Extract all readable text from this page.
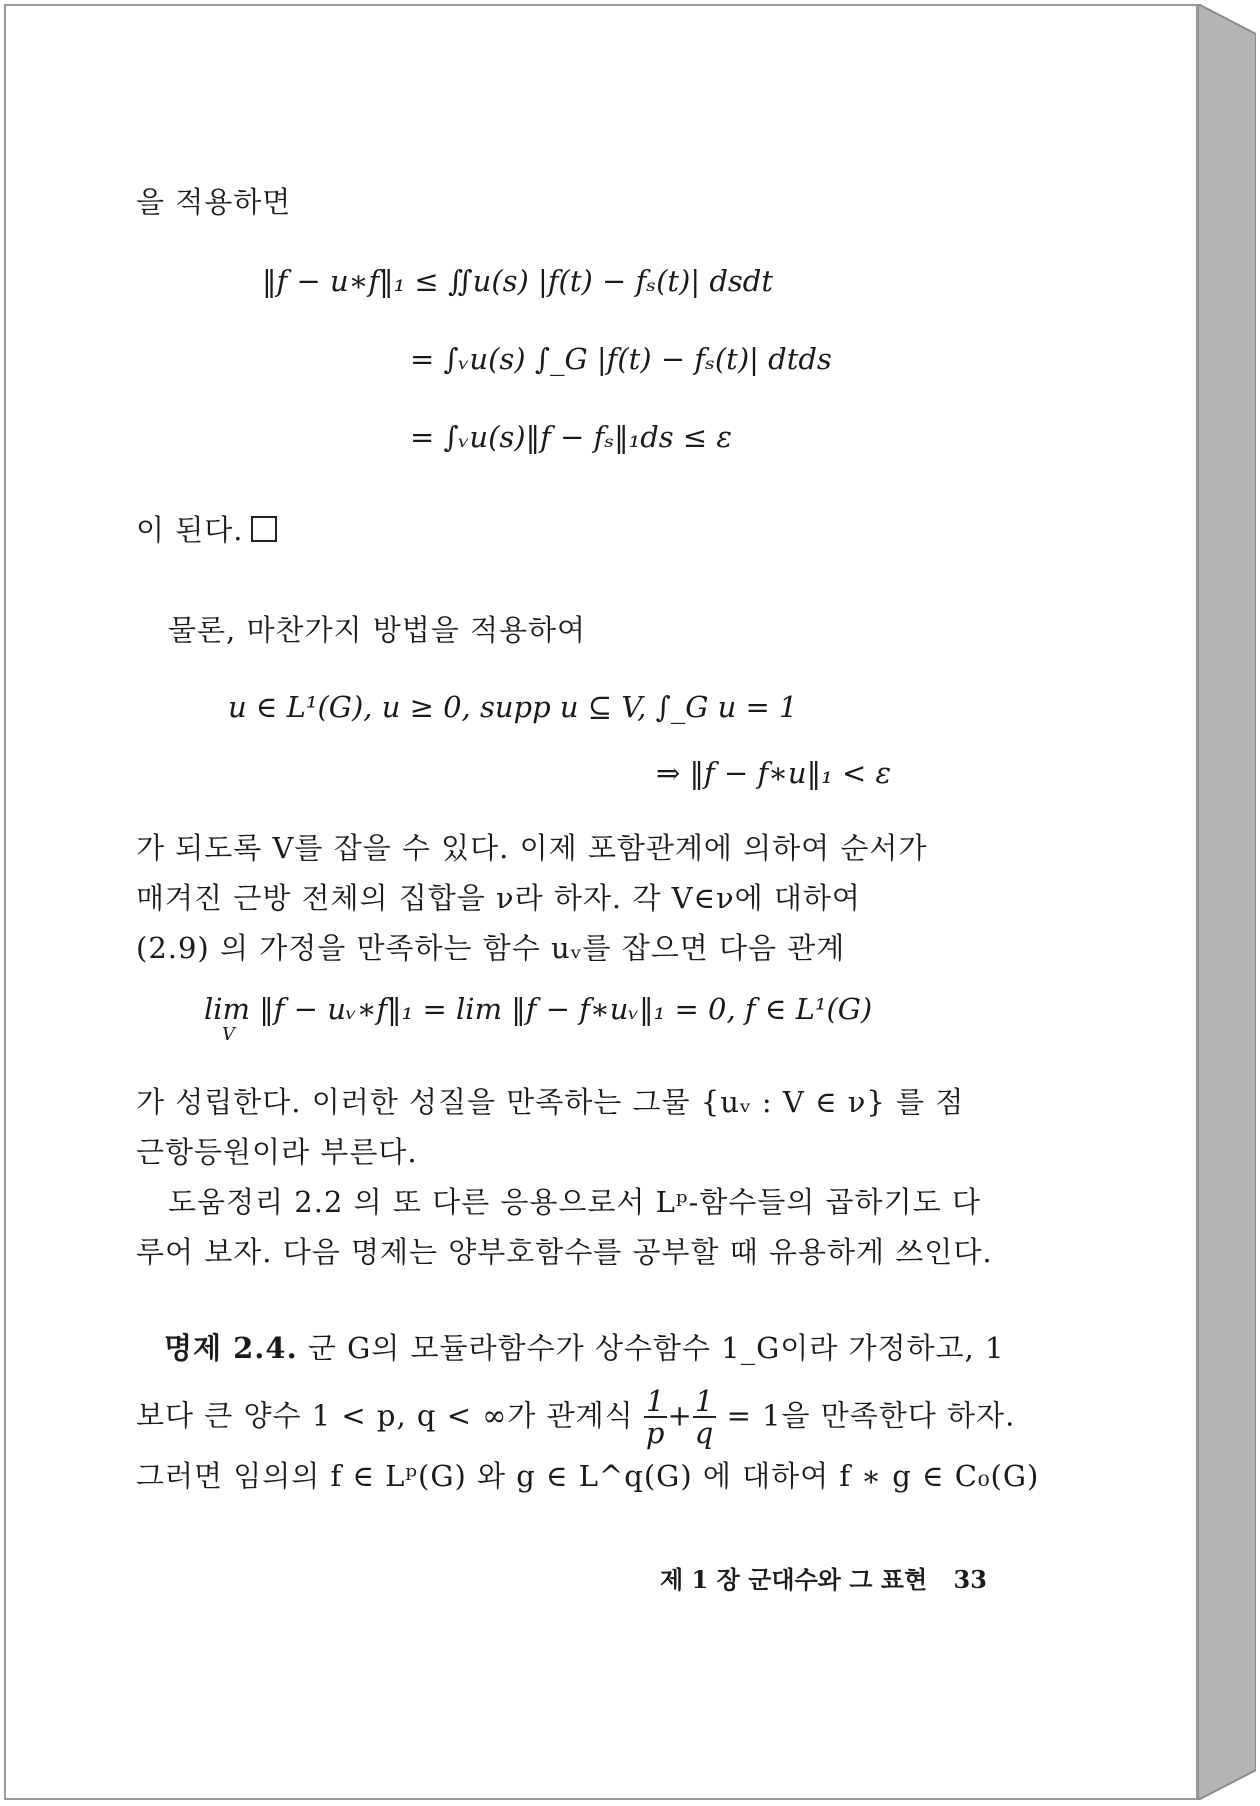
을 적용하면
‖f − u∗f‖₁ ≤ ∬u(s) |f(t) − fₛ(t)| dsdt
= ∫ᵥu(s) ∫_G |f(t) − fₛ(t)| dtds
= ∫ᵥu(s)‖f − fₛ‖₁ds ≤ ε
이 된다.
물론, 마찬가지 방법을 적용하여
u ∈ L¹(G), u ≥ 0, supp u ⊆ V, ∫_G u = 1
⇒ ‖f − f∗u‖₁ < ε
가 되도록 V를 잡을 수 있다. 이제 포함관계에 의하여 순서가
매겨진 근방 전체의 집합을 ν라 하자. 각 V∈ν에 대하여
(2.9) 의 가정을 만족하는 함수 uᵥ를 잡으면 다음 관계
lim ‖f − uᵥ∗f‖₁ = lim ‖f − f∗uᵥ‖₁ = 0, f ∈ L¹(G)
V
가 성립한다. 이러한 성질을 만족하는 그물 {uᵥ : V ∈ ν} 를 점
근항등원이라 부른다.
도움정리 2.2 의 또 다른 응용으로서 Lᵖ-함수들의 곱하기도 다
루어 보자. 다음 명제는 양부호함수를 공부할 때 유용하게 쓰인다.
명제 2.4. 군 G의 모듈라함수가 상수함수 1_G이라 가정하고, 1
보다 큰 양수 1 < p, q < ∞가 관계식 $\frac{1}{p} + \frac{1}{q} = 1$을 만족한다 하자.
그러면 임의의 f ∈ Lᵖ(G) 와 g ∈ L^q(G) 에 대하여 f ∗ g ∈ C₀(G)
제 1 장 군대수와 그 표현 33
